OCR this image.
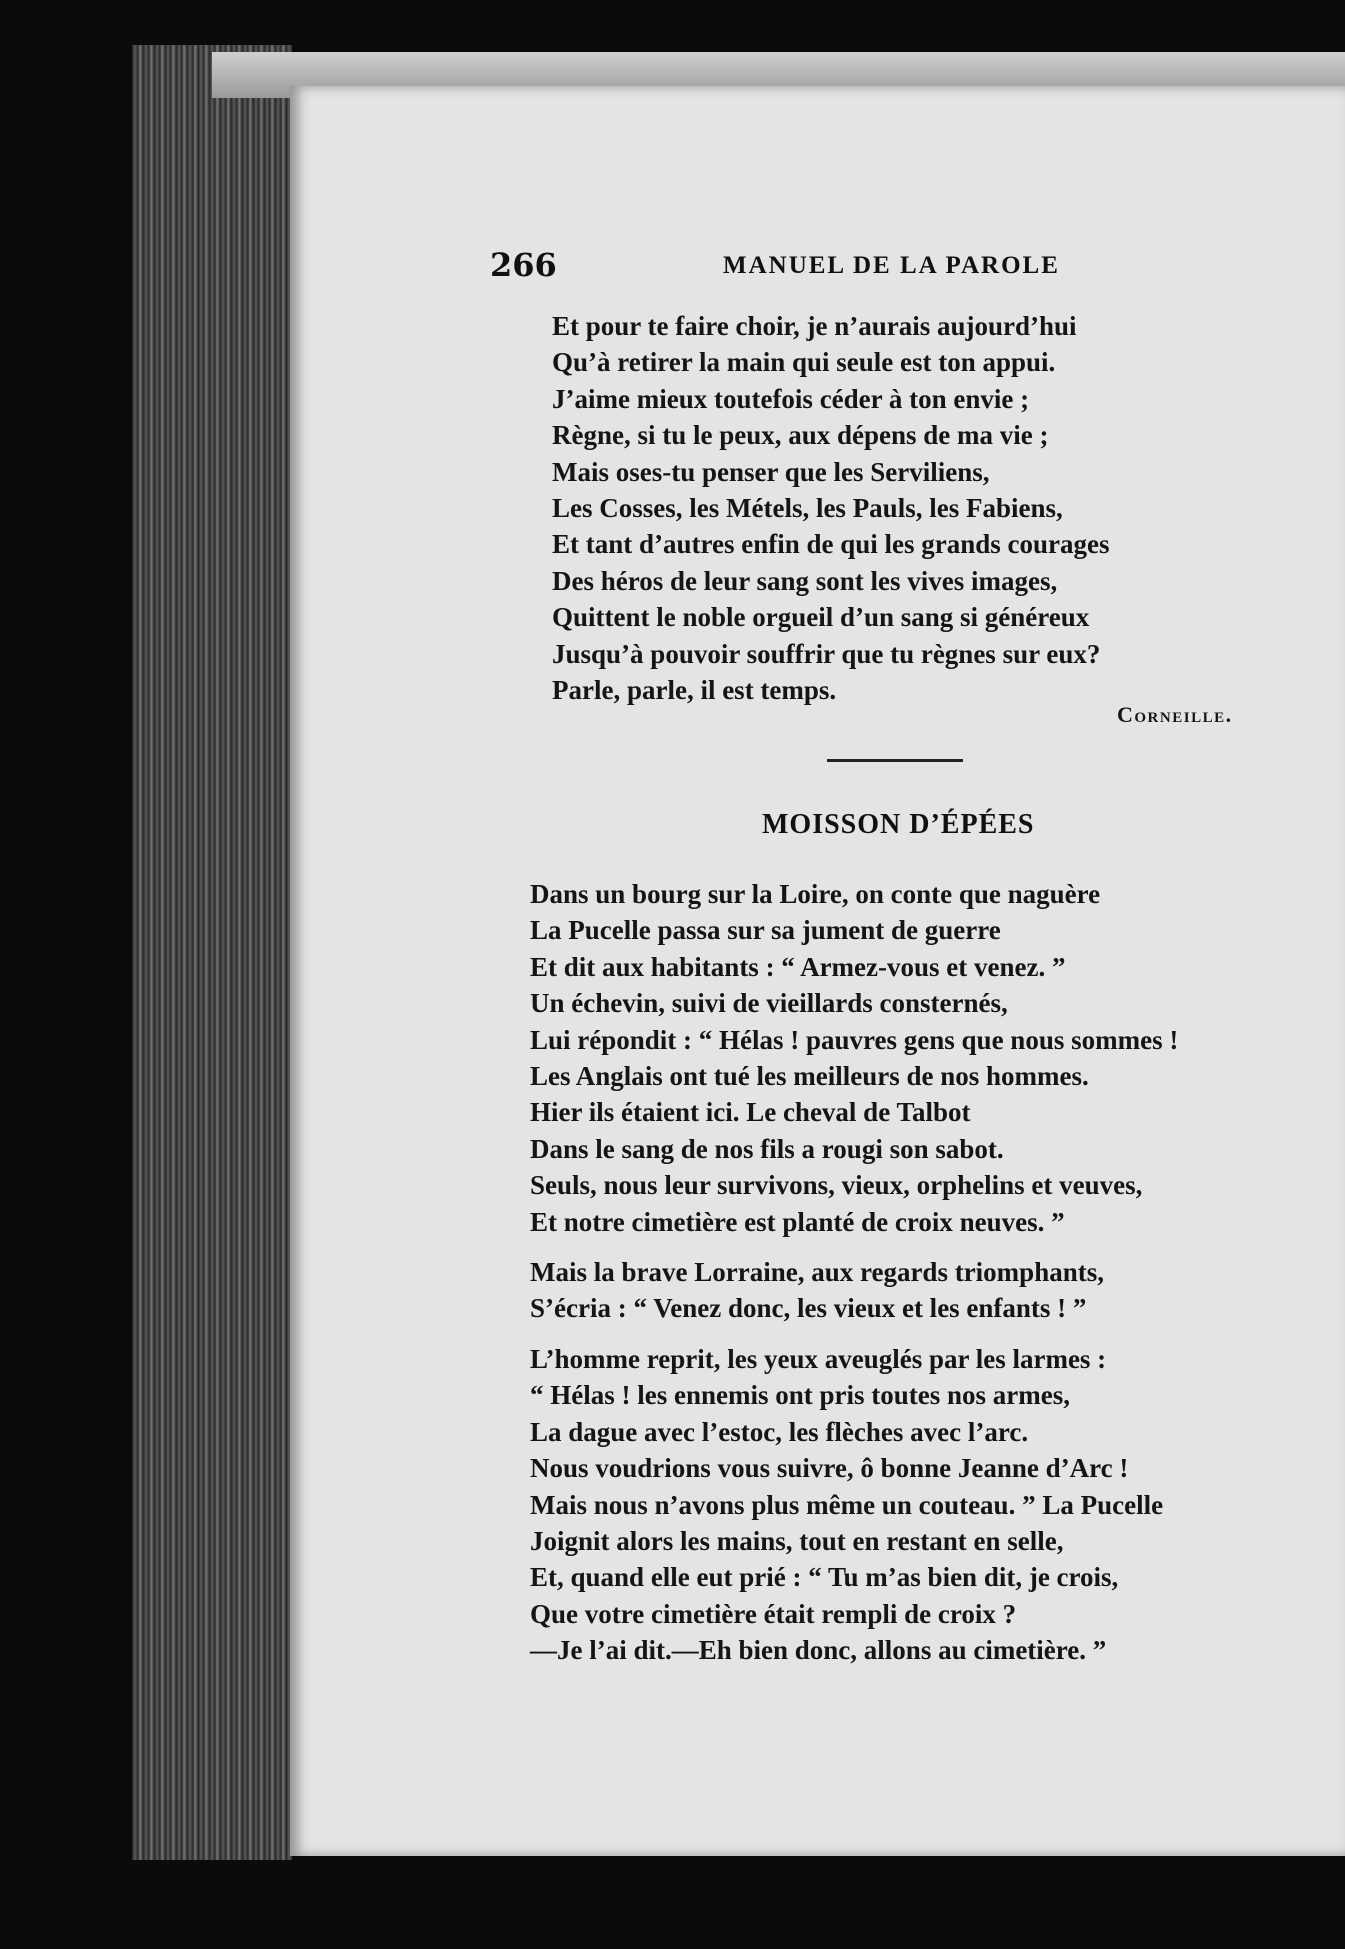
266	MANUEL DE LA PAROLE
Et pour te faire choir, je n’aurais aujourd’hui
Qu’à retirer la main qui seule est ton appui.
J’aime mieux toutefois céder à ton envie ;
Règne, si tu le peux, aux dépens de ma vie ;
Mais oses-tu penser que les Serviliens,
Les Cosses, les Métels, les Pauls, les Fabiens,
Et tant d’autres enfin de qui les grands courages
Des héros de leur sang sont les vives images,
Quittent le noble orgueil d’un sang si généreux
Jusqu’à pouvoir souffrir que tu règnes sur eux?
Parle, parle, il est temps.
Corneille.
MOISSON D’ÉPÉES
Dans un bourg sur la Loire, on conte que naguère
La Pucelle passa sur sa jument de guerre
Et dit aux habitants : “ Armez-vous et venez. ”
Un échevin, suivi de vieillards consternés,
Lui répondit : “ Hélas ! pauvres gens que nous sommes !
Les Anglais ont tué les meilleurs de nos hommes.
Hier ils étaient ici. Le cheval de Talbot
Dans le sang de nos fils a rougi son sabot.
Seuls, nous leur survivons, vieux, orphelins et veuves,
Et notre cimetière est planté de croix neuves. ”
Mais la brave Lorraine, aux regards triomphants,
S’écria : “ Venez donc, les vieux et les enfants ! ”
L’homme reprit, les yeux aveuglés par les larmes :
“ Hélas ! les ennemis ont pris toutes nos armes,
La dague avec l’estoc, les flèches avec l’arc.
Nous voudrions vous suivre, ô bonne Jeanne d’Arc !
Mais nous n’avons plus même un couteau. ” La Pucelle
Joignit alors les mains, tout en restant en selle,
Et, quand elle eut prié : “ Tu m’as bien dit, je crois,
Que votre cimetière était rempli de croix ?
—Je l’ai dit.—Eh bien donc, allons au cimetière. ”
